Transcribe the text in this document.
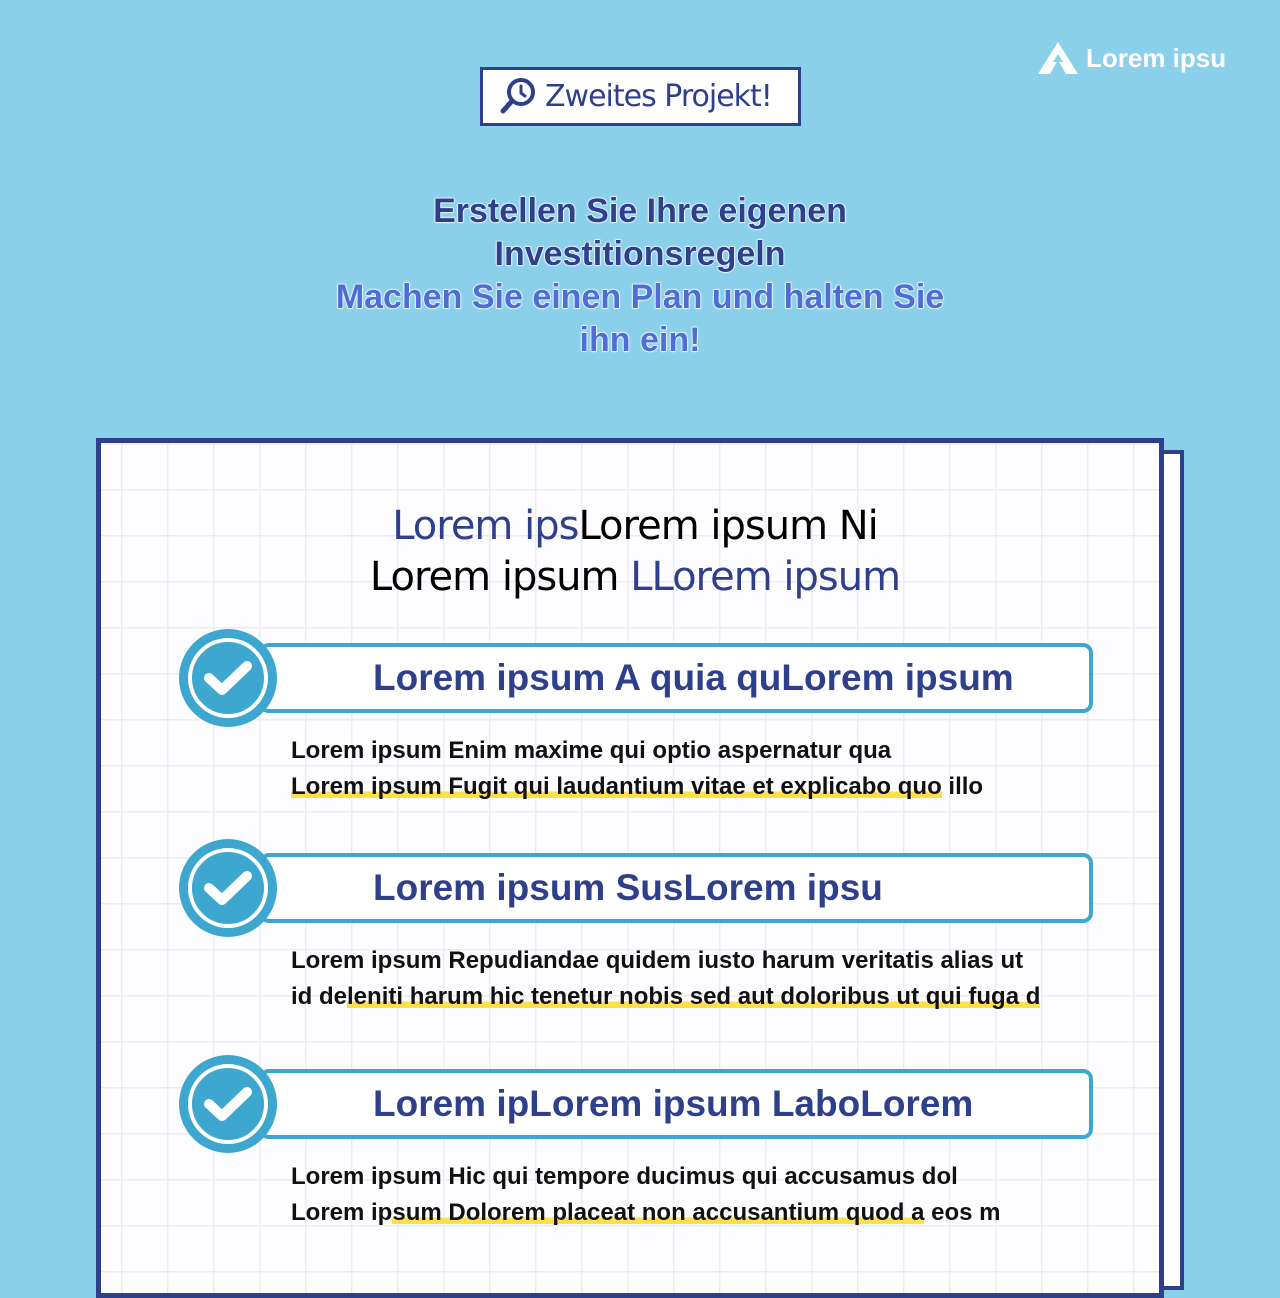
Zweites Projekt!
Lorem ipsu
Erstellen Sie Ihre eigenen
Investitionsregeln
Machen Sie einen Plan und halten Sie
ihn ein!
Lorem ipsLorem ipsum Ni
Lorem ipsum LLorem ipsum
Lorem ipsum A quia quLorem ipsum
Lorem ipsum Enim maxime qui optio aspernatur qua
Lorem ipsum Fugit qui laudantium vitae et explicabo quo illo
Lorem ipsum SusLorem ipsu
Lorem ipsum Repudiandae quidem iusto harum veritatis alias ut
id deleniti harum hic tenetur nobis sed aut doloribus ut qui fuga d
Lorem ipLorem ipsum LaboLorem
Lorem ipsum Hic qui tempore ducimus qui accusamus dol
Lorem ipsum Dolorem placeat non accusantium quod a eos m
